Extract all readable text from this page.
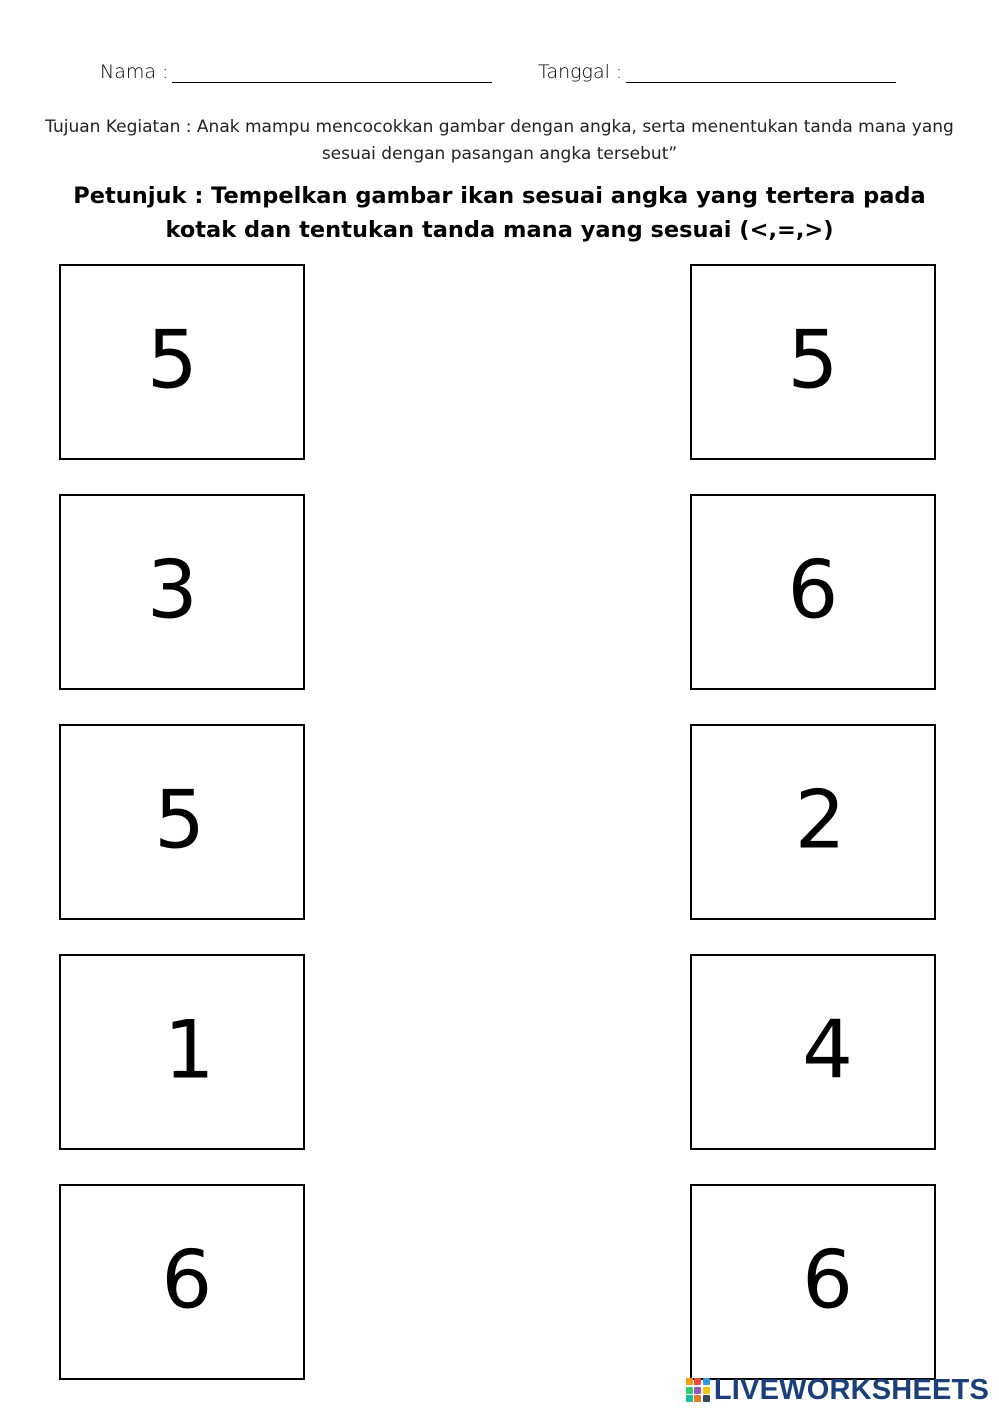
Nama :	Tanggal :
Tujuan Kegiatan : Anak mampu mencocokkan gambar dengan angka, serta menentukan tanda mana yang sesuai dengan pasangan angka tersebut”
Petunjuk : Tempelkan gambar ikan sesuai angka yang tertera pada
kotak dan tentukan tanda mana yang sesuai (<,=,>)
5	5
3	6
5	2
1	4
6	6
LIVEWORKSHEETS
